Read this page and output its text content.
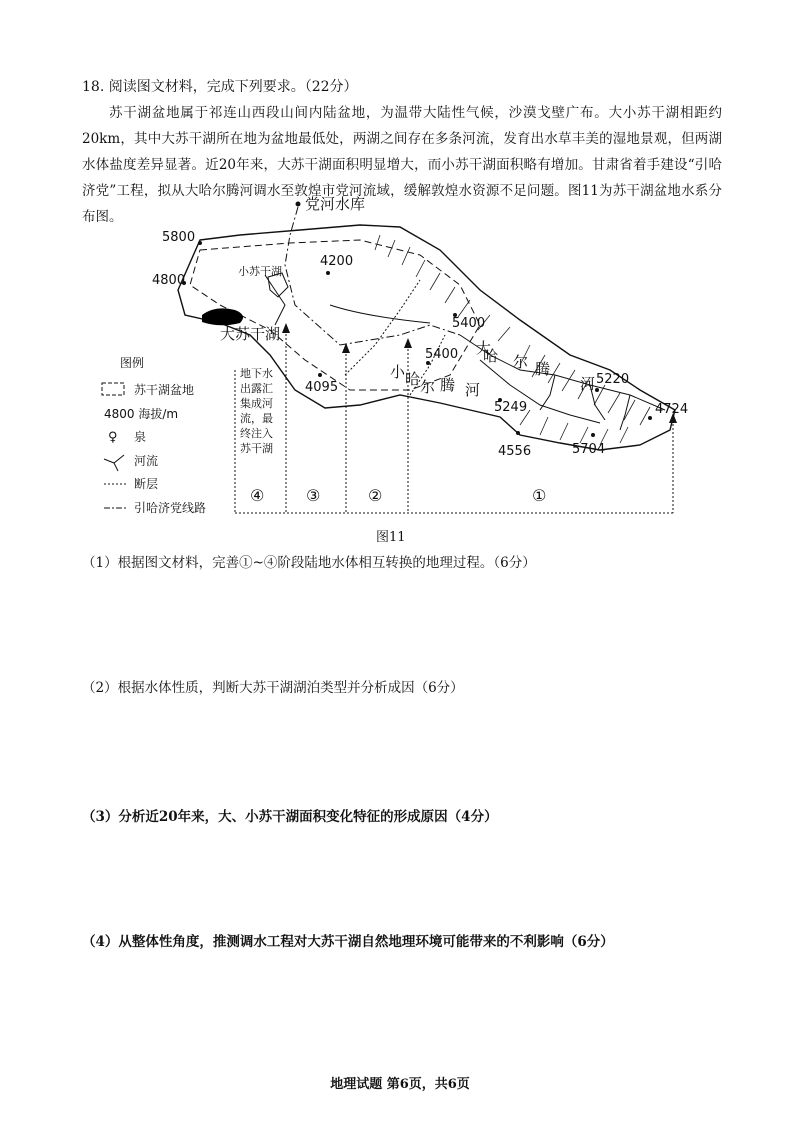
18. 阅读图文材料，完成下列要求。（22分）
苏干湖盆地属于祁连山西段山间内陆盆地，为温带大陆性气候，沙漠戈壁广布。大小苏干湖相距约20km，其中大苏干湖所在地为盆地最低处，两湖之间存在多条河流，发育出水草丰美的湿地景观，但两湖水体盐度差异显著。近20年来，大苏干湖面积明显增大，而小苏干湖面积略有增加。甘肃省着手建设“引哈济党”工程，拟从大哈尔腾河调水至敦煌市党河流域，缓解敦煌水资源不足问题。图11为苏干湖盆地水系分布图。
5800
4800
4200
5400
5400
4095
5220
4724
5249
4556	5704
党河水库
小苏干湖
大苏干湖
大
哈 尔 腾
河
小 哈 尔 腾 河
地下水
出露汇
集成河
流，最
终注入
苏干湖
④	③	②	①
图例
苏干湖盆地
4800 海拔/m
♀ 泉
河流
断层
引哈济党线路
图11
（1）根据图文材料，完善①~④阶段陆地水体相互转换的地理过程。（6分）
（2）根据水体性质，判断大苏干湖湖泊类型并分析成因（6分）
（3）分析近20年来，大、小苏干湖面积变化特征的形成原因（4分）
（4）从整体性角度，推测调水工程对大苏干湖自然地理环境可能带来的不利影响（6分）
地理试题 第6页，共6页
